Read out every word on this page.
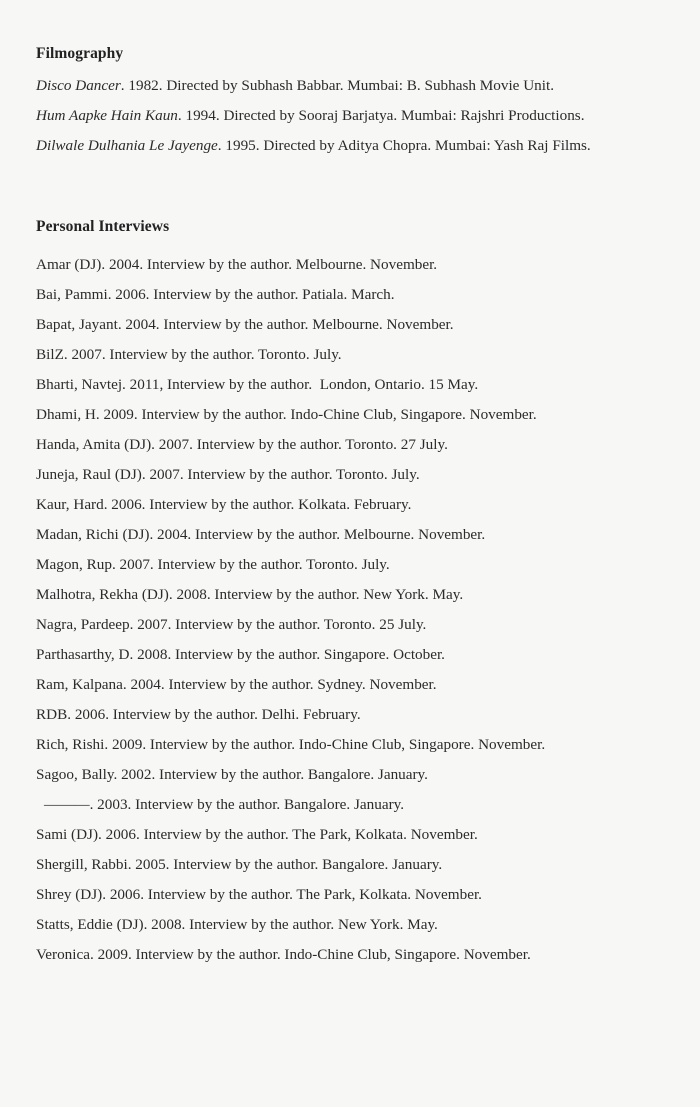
Filmography
Disco Dancer. 1982. Directed by Subhash Babbar. Mumbai: B. Subhash Movie Unit.
Hum Aapke Hain Kaun. 1994. Directed by Sooraj Barjatya. Mumbai: Rajshri Productions.
Dilwale Dulhania Le Jayenge. 1995. Directed by Aditya Chopra. Mumbai: Yash Raj Films.
Personal Interviews
Amar (DJ). 2004. Interview by the author. Melbourne. November.
Bai, Pammi. 2006. Interview by the author. Patiala. March.
Bapat, Jayant. 2004. Interview by the author. Melbourne. November.
BilZ. 2007. Interview by the author. Toronto. July.
Bharti, Navtej. 2011, Interview by the author.  London, Ontario. 15 May.
Dhami, H. 2009. Interview by the author. Indo-Chine Club, Singapore. November.
Handa, Amita (DJ). 2007. Interview by the author. Toronto. 27 July.
Juneja, Raul (DJ). 2007. Interview by the author. Toronto. July.
Kaur, Hard. 2006. Interview by the author. Kolkata. February.
Madan, Richi (DJ). 2004. Interview by the author. Melbourne. November.
Magon, Rup. 2007. Interview by the author. Toronto. July.
Malhotra, Rekha (DJ). 2008. Interview by the author. New York. May.
Nagra, Pardeep. 2007. Interview by the author. Toronto. 25 July.
Parthasarthy, D. 2008. Interview by the author. Singapore. October.
Ram, Kalpana. 2004. Interview by the author. Sydney. November.
RDB. 2006. Interview by the author. Delhi. February.
Rich, Rishi. 2009. Interview by the author. Indo-Chine Club, Singapore. November.
Sagoo, Bally. 2002. Interview by the author. Bangalore. January.
———. 2003. Interview by the author. Bangalore. January.
Sami (DJ). 2006. Interview by the author. The Park, Kolkata. November.
Shergill, Rabbi. 2005. Interview by the author. Bangalore. January.
Shrey (DJ). 2006. Interview by the author. The Park, Kolkata. November.
Statts, Eddie (DJ). 2008. Interview by the author. New York. May.
Veronica. 2009. Interview by the author. Indo-Chine Club, Singapore. November.
